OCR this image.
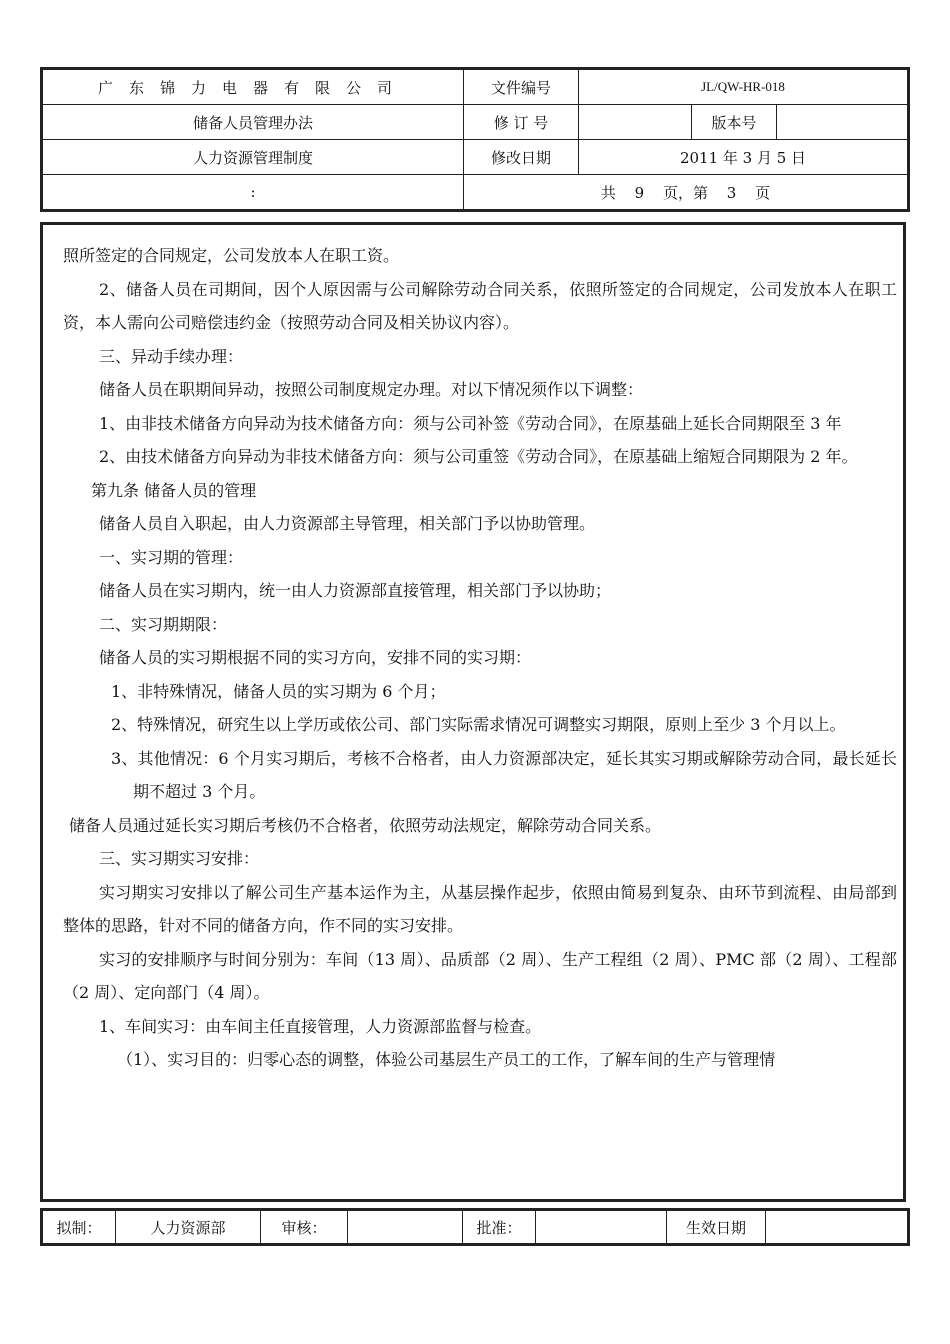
广东锦力电器有限公司	文件编号	JL/QW-HR-018		
储备人员管理办法	修 订 号		版本号	
人力资源管理制度	修改日期	2011 年 3 月 5 日		
:	共 9 页，第 3 页			

照所签定的合同规定，公司发放本人在职工资。

2、储备人员在司期间，因个人原因需与公司解除劳动合同关系，依照所签定的合同规定，公司发放本人在职工资，本人需向公司赔偿违约金（按照劳动合同及相关协议内容）。

三、异动手续办理：

储备人员在职期间异动，按照公司制度规定办理。对以下情况须作以下调整：

1、由非技术储备方向异动为技术储备方向：须与公司补签《劳动合同》，在原基础上延长合同期限至 3 年

2、由技术储备方向异动为非技术储备方向：须与公司重签《劳动合同》，在原基础上缩短合同期限为 2 年。

第九条 储备人员的管理

储备人员自入职起，由人力资源部主导管理，相关部门予以协助管理。

一、实习期的管理：

储备人员在实习期内，统一由人力资源部直接管理，相关部门予以协助；

二、实习期期限：

储备人员的实习期根据不同的实习方向，安排不同的实习期：

1、非特殊情况，储备人员的实习期为 6 个月；

2、特殊情况，研究生以上学历或依公司、部门实际需求情况可调整实习期限，原则上至少 3 个月以上。

3、其他情况：6 个月实习期后，考核不合格者，由人力资源部决定，延长其实习期或解除劳动合同，最长延长期不超过 3 个月。

储备人员通过延长实习期后考核仍不合格者，依照劳动法规定，解除劳动合同关系。

三、实习期实习安排：

实习期实习安排以了解公司生产基本运作为主，从基层操作起步，依照由简易到复杂、由环节到流程、由局部到整体的思路，针对不同的储备方向，作不同的实习安排。

实习的安排顺序与时间分别为：车间（13 周）、品质部（2 周）、生产工程组（2 周）、PMC 部（2 周）、工程部（2 周）、定向部门（4 周）。

1、车间实习：由车间主任直接管理，人力资源部监督与检查。

（1）、实习目的：归零心态的调整，体验公司基层生产员工的工作，了解车间的生产与管理情

拟制：	人力资源部	审核：		批准：		生效日期	
